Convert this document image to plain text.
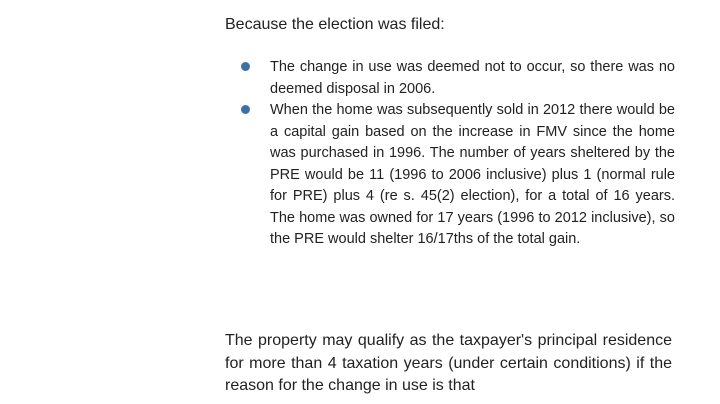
Because the election was filed:

The change in use was deemed not to occur, so there was no deemed disposal in 2006.
When the home was subsequently sold in 2012 there would be a capital gain based on the increase in FMV since the home was purchased in 1996. The number of years sheltered by the PRE would be 11 (1996 to 2006 inclusive) plus 1 (normal rule for PRE) plus 4 (re s. 45(2) election), for a total of 16 years. The home was owned for 17 years (1996 to 2012 inclusive), so the PRE would shelter 16/17ths of the total gain.

The property may qualify as the taxpayer's principal residence for more than 4 taxation years (under certain conditions) if the reason for the change in use is that
